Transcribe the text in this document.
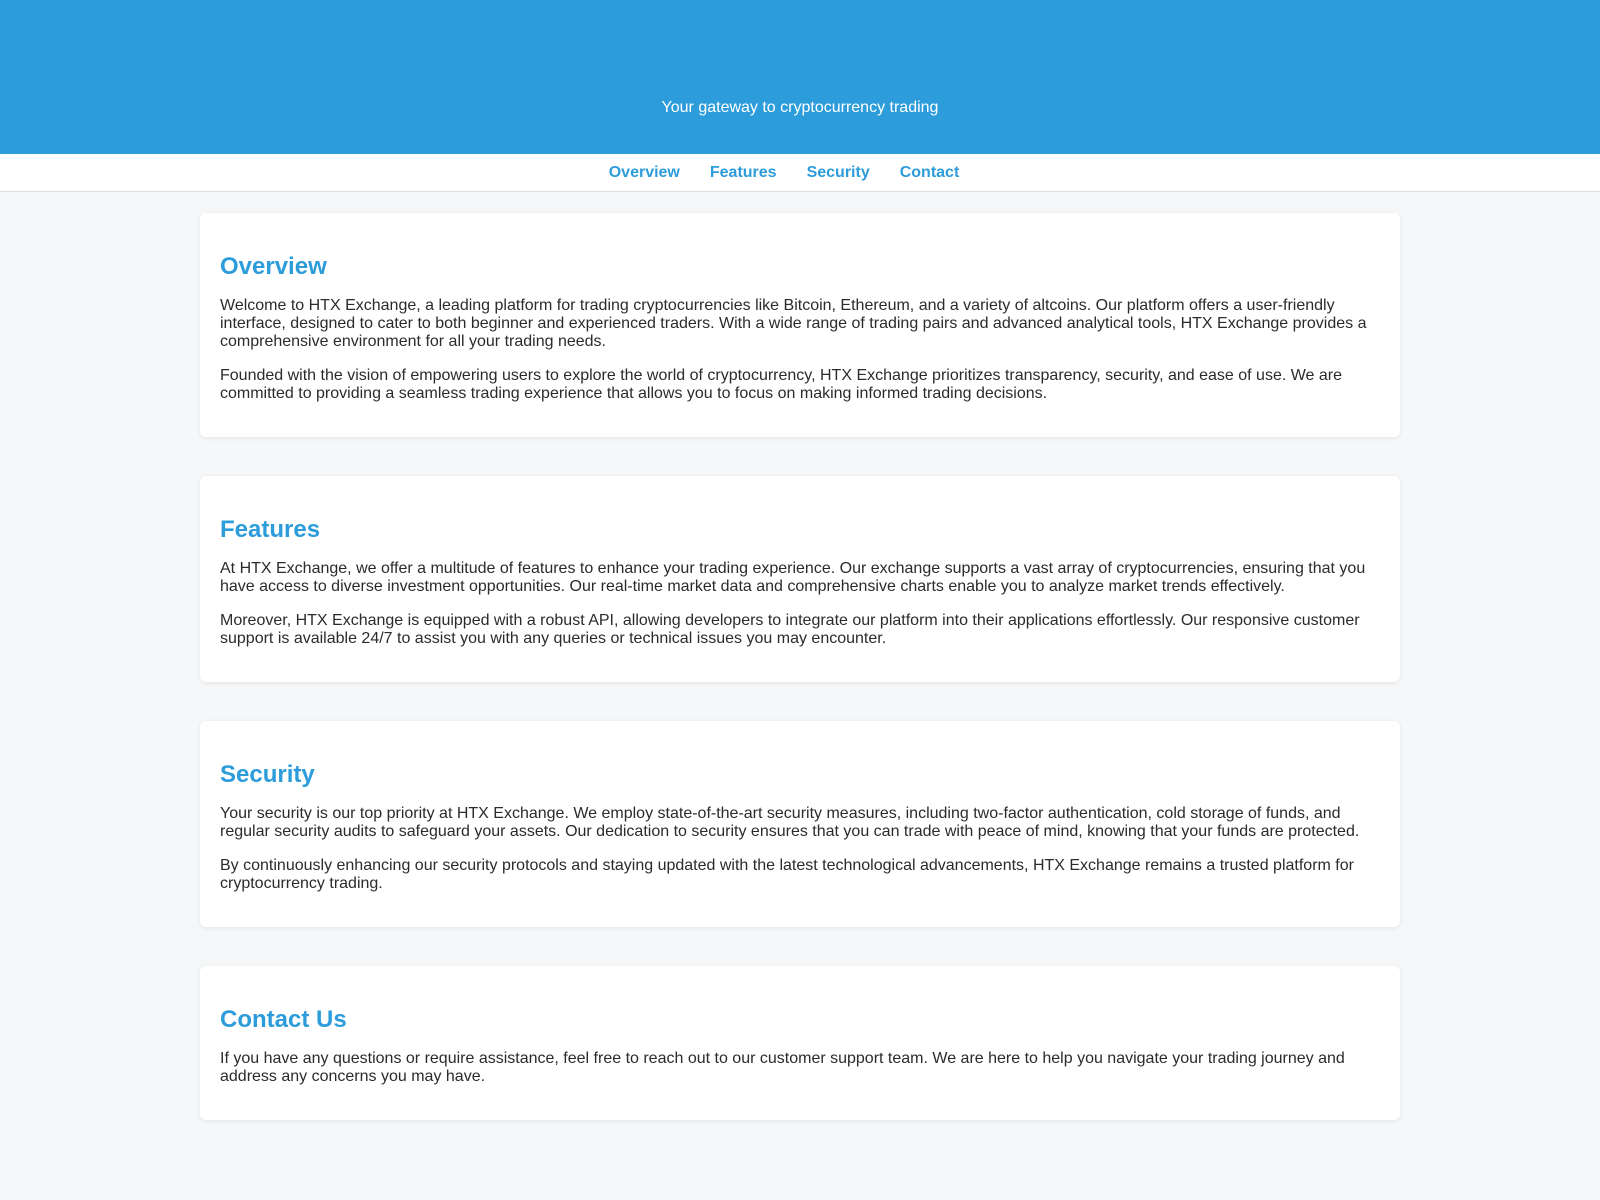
Your gateway to cryptocurrency trading

Overview Features Security Contact
Overview

Welcome to HTX Exchange, a leading platform for trading cryptocurrencies like Bitcoin, Ethereum, and a variety of altcoins. Our platform offers a user-friendly interface, designed to cater to both beginner and experienced traders. With a wide range of trading pairs and advanced analytical tools, HTX Exchange provides a comprehensive environment for all your trading needs.

Founded with the vision of empowering users to explore the world of cryptocurrency, HTX Exchange prioritizes transparency, security, and ease of use. We are committed to providing a seamless trading experience that allows you to focus on making informed trading decisions.

Features

At HTX Exchange, we offer a multitude of features to enhance your trading experience. Our exchange supports a vast array of cryptocurrencies, ensuring that you have access to diverse investment opportunities. Our real-time market data and comprehensive charts enable you to analyze market trends effectively.

Moreover, HTX Exchange is equipped with a robust API, allowing developers to integrate our platform into their applications effortlessly. Our responsive customer support is available 24/7 to assist you with any queries or technical issues you may encounter.

Security

Your security is our top priority at HTX Exchange. We employ state-of-the-art security measures, including two-factor authentication, cold storage of funds, and regular security audits to safeguard your assets. Our dedication to security ensures that you can trade with peace of mind, knowing that your funds are protected.

By continuously enhancing our security protocols and staying updated with the latest technological advancements, HTX Exchange remains a trusted platform for cryptocurrency trading.

Contact Us

If you have any questions or require assistance, feel free to reach out to our customer support team. We are here to help you navigate your trading journey and address any concerns you may have.
